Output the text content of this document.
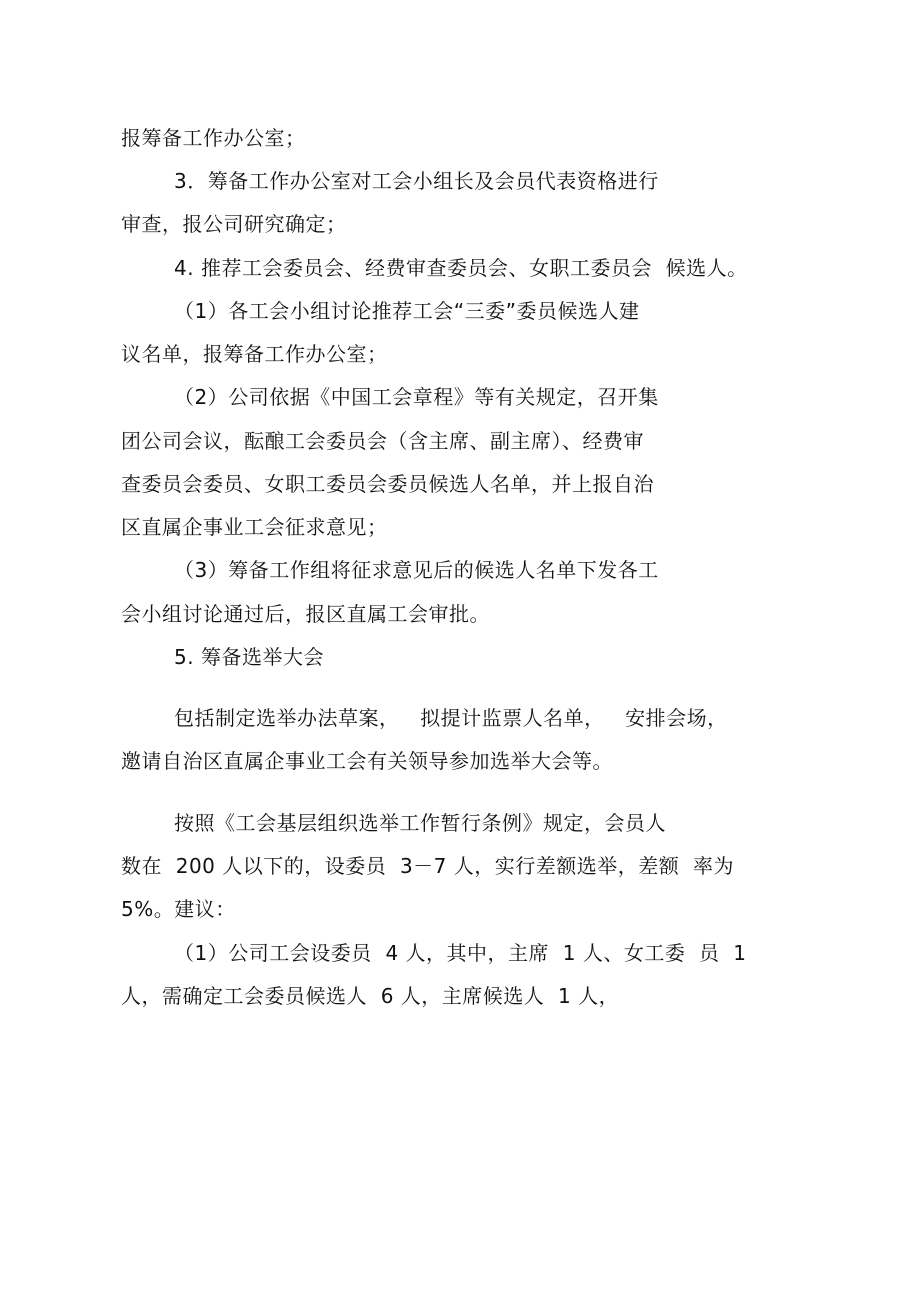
报筹备工作办公室；
3．筹备工作办公室对工会小组长及会员代表资格进行
审查，报公司研究确定；
4. 推荐工会委员会、经费审查委员会、女职工委员会  候选人。
（1）各工会小组讨论推荐工会“三委”委员候选人建
议名单，报筹备工作办公室；
（2）公司依据《中国工会章程》等有关规定，召开集
团公司会议，酝酿工会委员会（含主席、副主席）、经费审
查委员会委员、女职工委员会委员候选人名单，并上报自治
区直属企事业工会征求意见；
（3）筹备工作组将征求意见后的候选人名单下发各工
会小组讨论通过后，报区直属工会审批。
5. 筹备选举大会
包括制定选举办法草案，   拟提计监票人名单，   安排会场，
邀请自治区直属企事业工会有关领导参加选举大会等。
按照《工会基层组织选举工作暂行条例》规定，会员人
数在  200 人以下的，设委员  3－7 人，实行差额选举，差额  率为
5%。建议：
（1）公司工会设委员  4 人，其中，主席  1 人、女工委  员  1
人，需确定工会委员候选人  6 人，主席候选人  1 人，
